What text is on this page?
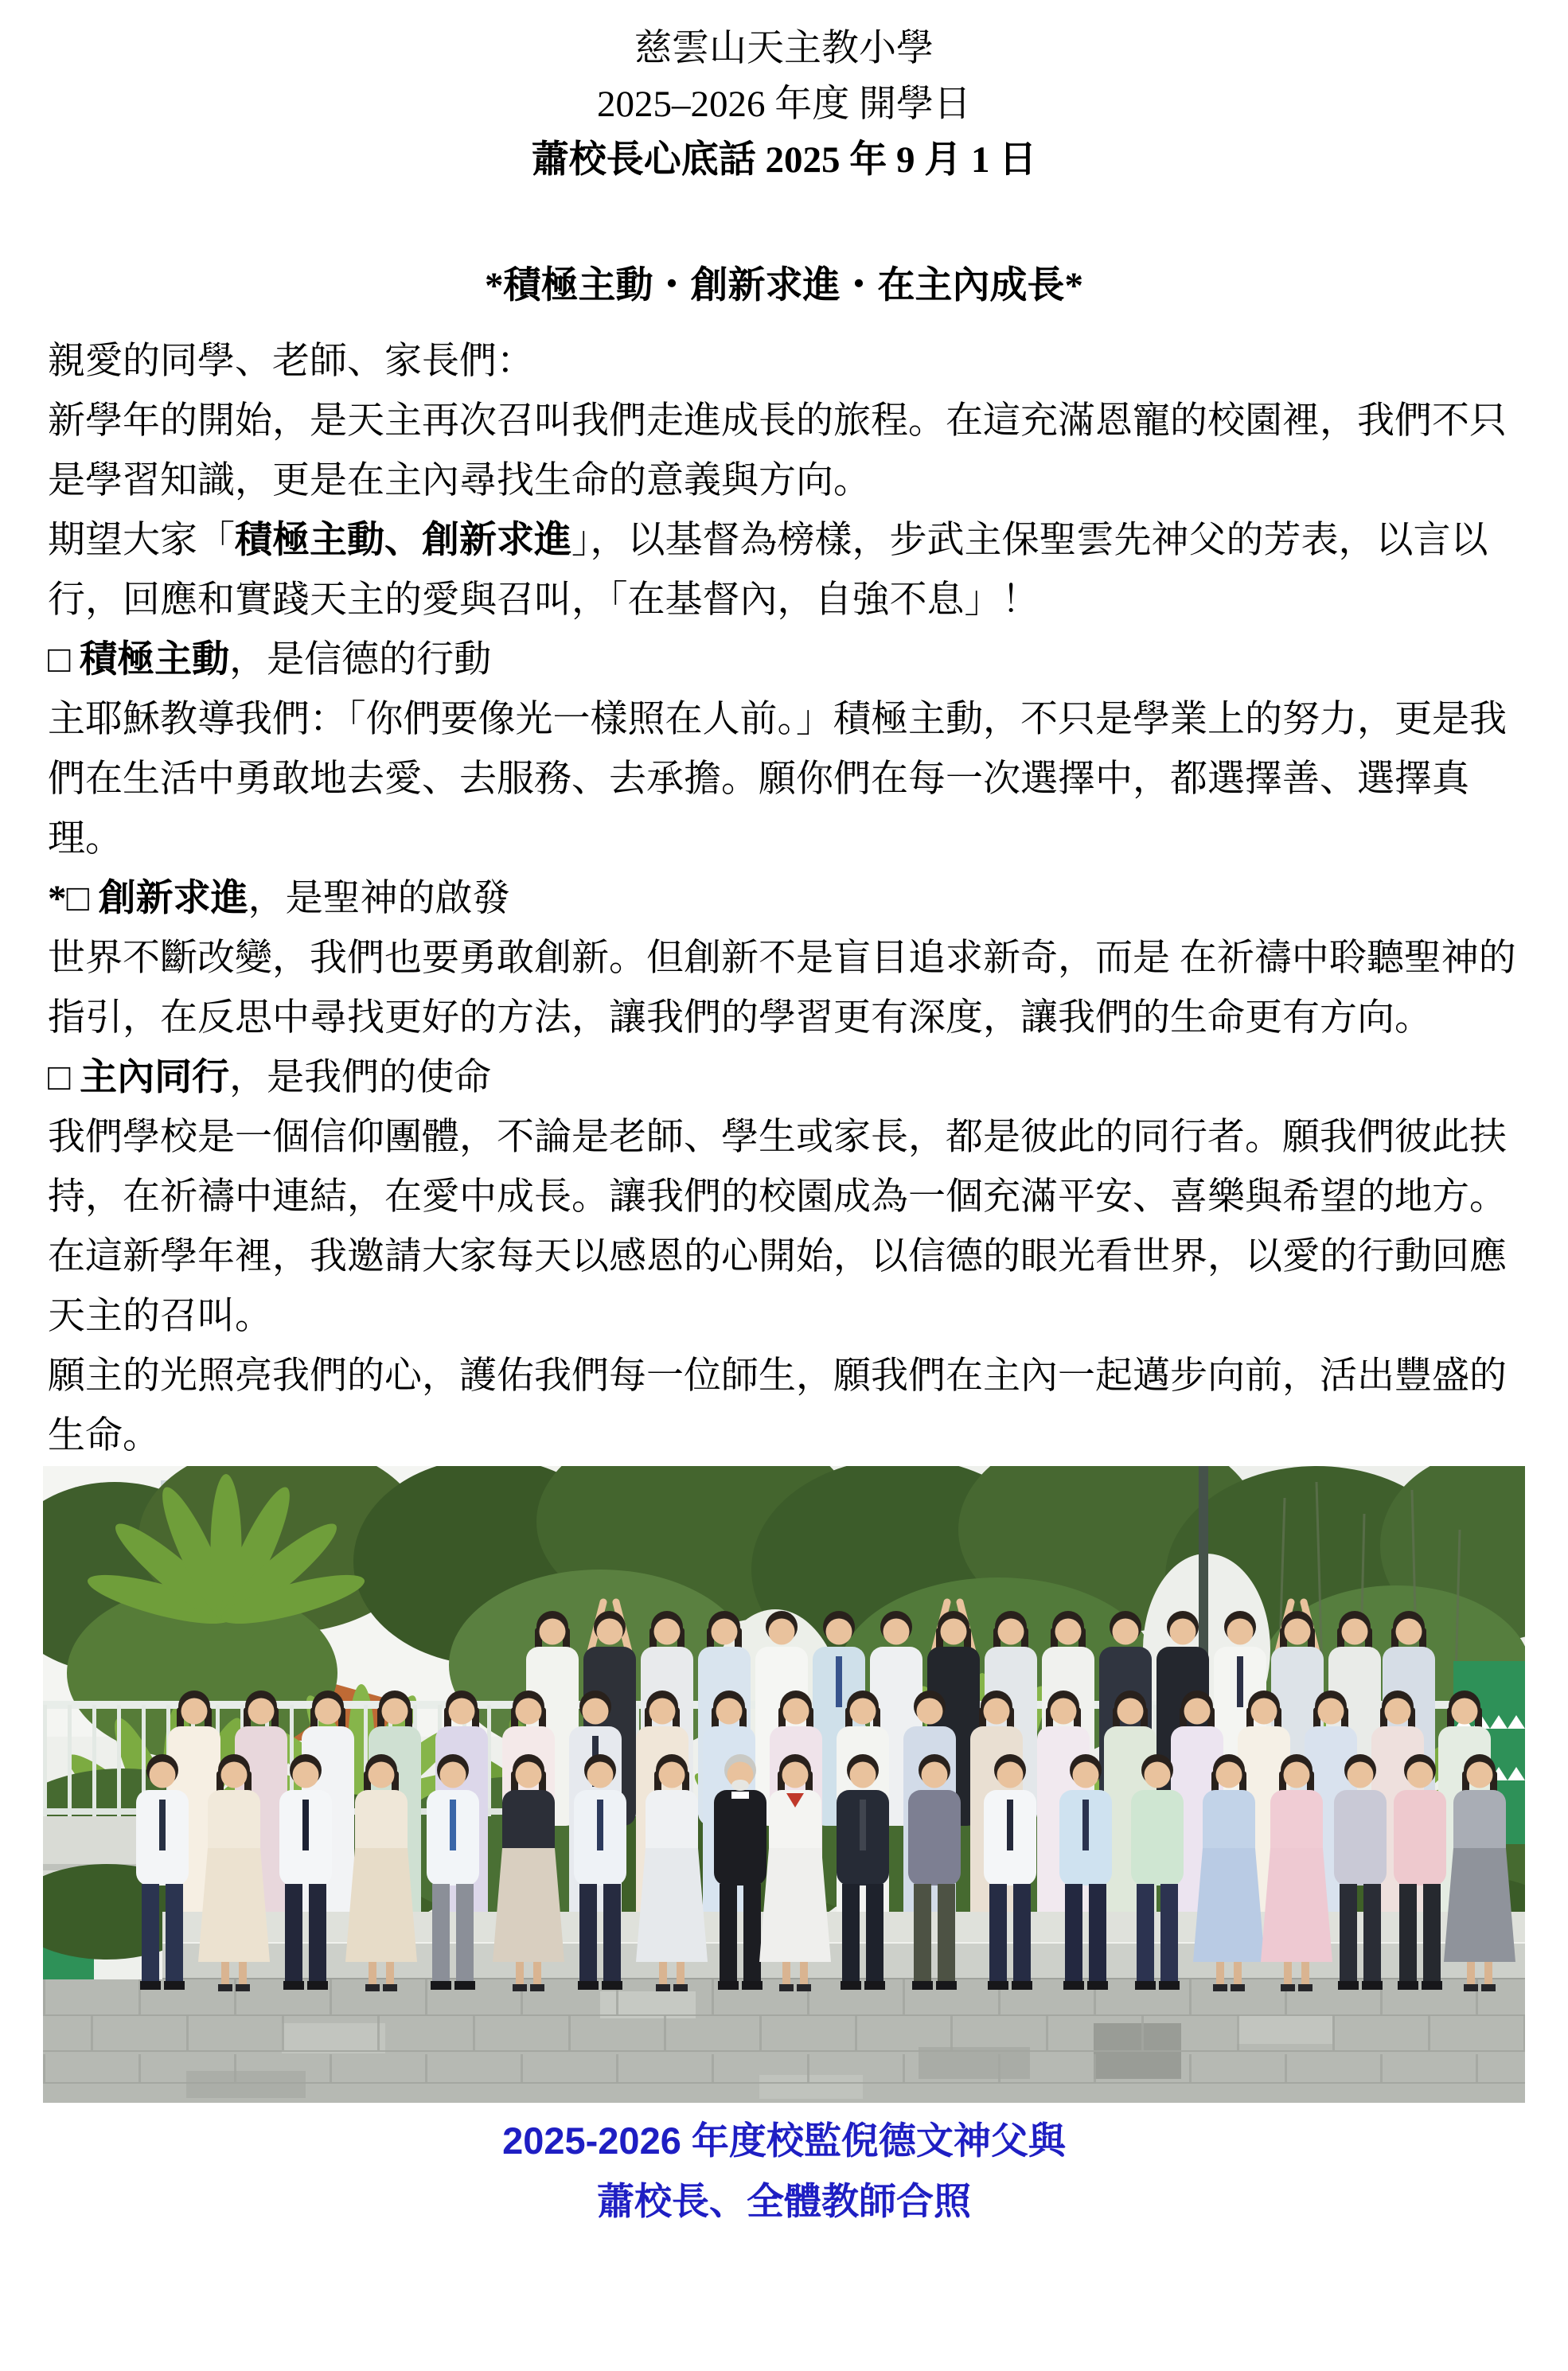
慈雲山天主教小學
2025–2026 年度 開學日
蕭校長心底話 2025 年 9 月 1 日
*積極主動・創新求進・在主內成長*

親愛的同學、老師、家長們：

新學年的開始，是天主再次召叫我們走進成長的旅程。在這充滿恩寵的校園裡，我們不只是學習知識，更是在主內尋找生命的意義與方向。

期望大家「積極主動、創新求進」，以基督為榜樣，步武主保聖雲先神父的芳表，以言以行，回應和實踐天主的愛與召叫，「在基督內，自強不息」！

□ 積極主動，是信德的行動

主耶穌教導我們：「你們要像光一樣照在人前。」積極主動，不只是學業上的努力，更是我們在生活中勇敢地去愛、去服務、去承擔。願你們在每一次選擇中，都選擇善、選擇真理。

*□ 創新求進，是聖神的啟發

世界不斷改變，我們也要勇敢創新。但創新不是盲目追求新奇，而是 在祈禱中聆聽聖神的指引，在反思中尋找更好的方法，讓我們的學習更有深度，讓我們的生命更有方向。

□ 主內同行，是我們的使命

我們學校是一個信仰團體，不論是老師、學生或家長，都是彼此的同行者。願我們彼此扶持，在祈禱中連結，在愛中成長。讓我們的校園成為一個充滿平安、喜樂與希望的地方。

在這新學年裡，我邀請大家每天以感恩的心開始，以信德的眼光看世界，以愛的行動回應天主的召叫。

願主的光照亮我們的心，護佑我們每一位師生，願我們在主內一起邁步向前，活出豐盛的生命。

2025-2026 年度校監倪德文神父與
蕭校長、全體教師合照
